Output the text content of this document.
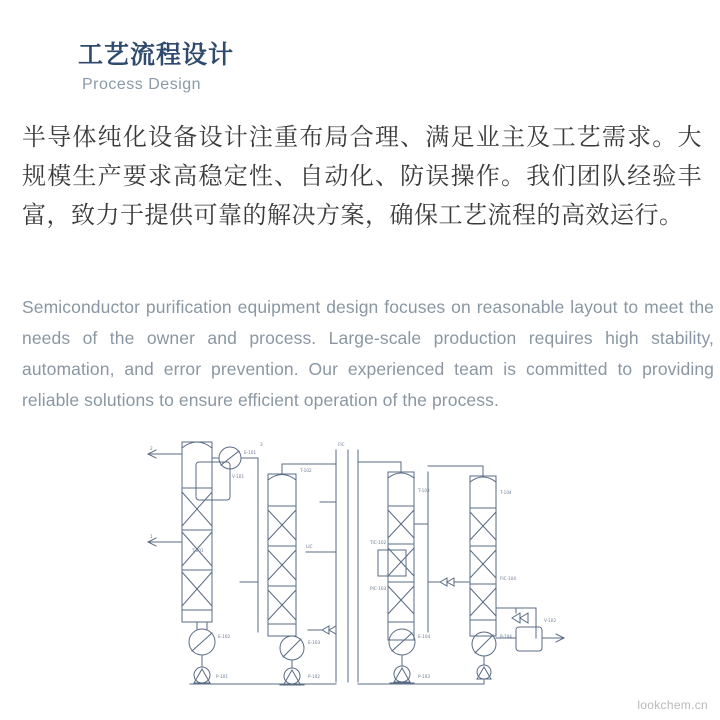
工艺流程设计
Process Design
半导体纯化设备设计注重布局合理、满足业主及工艺需求。大规模生产要求高稳定性、自动化、防误操作。我们团队经验丰富，致力于提供可靠的解决方案，确保工艺流程的高效运行。
Semiconductor purification equipment design focuses on reasonable layout to meet the needs of the owner and process. Large-scale production requires high stability, automation, and error prevention. Our experienced team is committed to providing reliable solutions to ensure efficient operation of the process.
E-101
V-101
T-101
E-102
P-101
T-102
LIC
E-103
P-102
FIC
TIC-102
PIC-103
T-103
E-104
P-103
T-104
FIC-104
P-104
V-102
1
2
3
lookchem.cn
